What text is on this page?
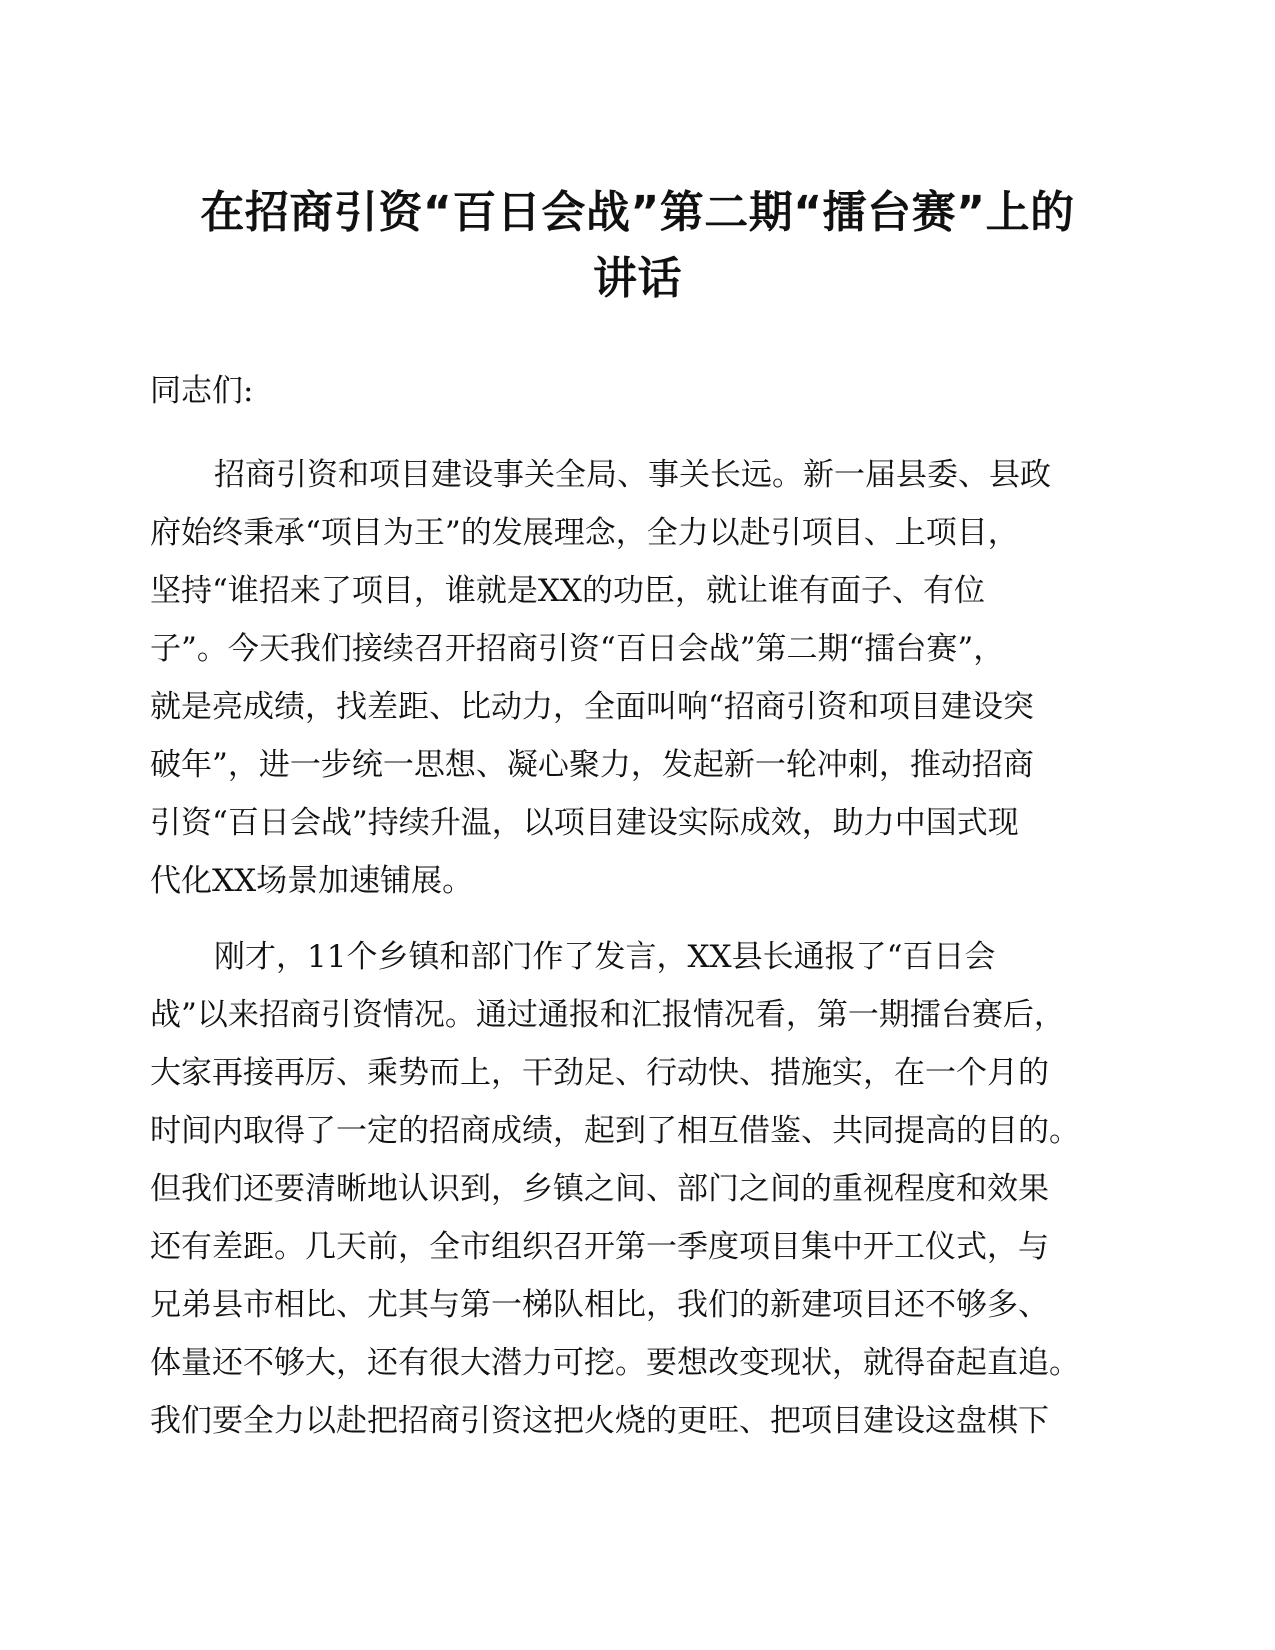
在招商引资“百日会战”第二期“擂台赛”上的
讲话

同志们:

招商引资和项目建设事关全局、事关长远。新一届县委、县政
府始终秉承“项目为王”的发展理念，全力以赴引项目、上项目，
坚持“谁招来了项目，谁就是XX的功臣，就让谁有面子、有位
子”。今天我们接续召开招商引资“百日会战”第二期“擂台赛”，
就是亮成绩，找差距、比动力，全面叫响“招商引资和项目建设突
破年”，进一步统一思想、凝心聚力，发起新一轮冲刺，推动招商
引资“百日会战”持续升温，以项目建设实际成效，助力中国式现
代化XX场景加速铺展。
刚才，11个乡镇和部门作了发言，XX县长通报了“百日会
战”以来招商引资情况。通过通报和汇报情况看，第一期擂台赛后，
大家再接再厉、乘势而上，干劲足、行动快、措施实，在一个月的
时间内取得了一定的招商成绩，起到了相互借鉴、共同提高的目的。
但我们还要清晰地认识到，乡镇之间、部门之间的重视程度和效果
还有差距。几天前，全市组织召开第一季度项目集中开工仪式，与
兄弟县市相比、尤其与第一梯队相比，我们的新建项目还不够多、
体量还不够大，还有很大潜力可挖。要想改变现状，就得奋起直追。
我们要全力以赴把招商引资这把火烧的更旺、把项目建设这盘棋下
